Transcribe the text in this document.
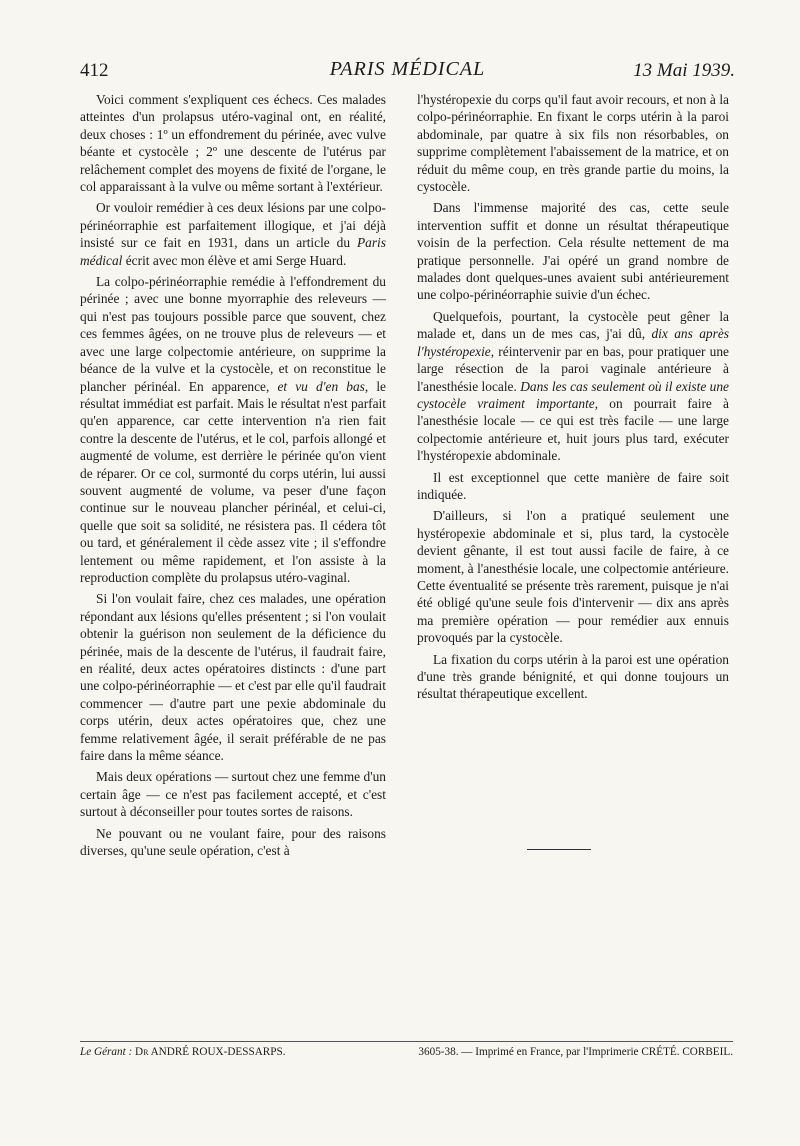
412	PARIS MÉDICAL	13 Mai 1939.

Voici comment s'expliquent ces échecs. Ces malades atteintes d'un prolapsus utéro-vaginal ont, en réalité, deux choses : 1º un effondrement du périnée, avec vulve béante et cystocèle ; 2º une descente de l'utérus par relâchement complet des moyens de fixité de l'organe, le col apparaissant à la vulve ou même sortant à l'extérieur.

Or vouloir remédier à ces deux lésions par une colpo-périnéorraphie est parfaitement illogique, et j'ai déjà insisté sur ce fait en 1931, dans un article du Paris médical écrit avec mon élève et ami Serge Huard.

La colpo-périnéorraphie remédie à l'effondrement du périnée ; avec une bonne myorraphie des releveurs — qui n'est pas toujours possible parce que souvent, chez ces femmes âgées, on ne trouve plus de releveurs — et avec une large colpectomie antérieure, on supprime la béance de la vulve et la cystocèle, et on reconstitue le plancher périnéal. En apparence, et vu d'en bas, le résultat immédiat est parfait. Mais le résultat n'est parfait qu'en apparence, car cette intervention n'a rien fait contre la descente de l'utérus, et le col, parfois allongé et augmenté de volume, est derrière le périnée qu'on vient de réparer. Or ce col, surmonté du corps utérin, lui aussi souvent augmenté de volume, va peser d'une façon continue sur le nouveau plancher périnéal, et celui-ci, quelle que soit sa solidité, ne résistera pas. Il cédera tôt ou tard, et généralement il cède assez vite ; il s'effondre lentement ou même rapidement, et l'on assiste à la reproduction complète du prolapsus utéro-vaginal.

Si l'on voulait faire, chez ces malades, une opération répondant aux lésions qu'elles présentent ; si l'on voulait obtenir la guérison non seulement de la déficience du périnée, mais de la descente de l'utérus, il faudrait faire, en réalité, deux actes opératoires distincts : d'une part une colpo-périnéorraphie — et c'est par elle qu'il faudrait commencer — d'autre part une pexie abdominale du corps utérin, deux actes opératoires que, chez une femme relativement âgée, il serait préférable de ne pas faire dans la même séance.

Mais deux opérations — surtout chez une femme d'un certain âge — ce n'est pas facilement accepté, et c'est surtout à déconseiller pour toutes sortes de raisons.

Ne pouvant ou ne voulant faire, pour des raisons diverses, qu'une seule opération, c'est à

l'hystéropexie du corps qu'il faut avoir recours, et non à la colpo-périnéorraphie. En fixant le corps utérin à la paroi abdominale, par quatre à six fils non résorbables, on supprime complètement l'abaissement de la matrice, et on réduit du même coup, en très grande partie du moins, la cystocèle.

Dans l'immense majorité des cas, cette seule intervention suffit et donne un résultat thérapeutique voisin de la perfection. Cela résulte nettement de ma pratique personnelle. J'ai opéré un grand nombre de malades dont quelques-unes avaient subi antérieurement une colpo-périnéorraphie suivie d'un échec.

Quelquefois, pourtant, la cystocèle peut gêner la malade et, dans un de mes cas, j'ai dû, dix ans après l'hystéropexie, réintervenir par en bas, pour pratiquer une large résection de la paroi vaginale antérieure à l'anesthésie locale. Dans les cas seulement où il existe une cystocèle vraiment importante, on pourrait faire à l'anesthésie locale — ce qui est très facile — une large colpectomie antérieure et, huit jours plus tard, exécuter l'hystéropexie abdominale.

Il est exceptionnel que cette manière de faire soit indiquée.

D'ailleurs, si l'on a pratiqué seulement une hystéropexie abdominale et si, plus tard, la cystocèle devient gênante, il est tout aussi facile de faire, à ce moment, à l'anesthésie locale, une colpectomie antérieure. Cette éventualité se présente très rarement, puisque je n'ai été obligé qu'une seule fois d'intervenir — dix ans après ma première opération — pour remédier aux ennuis provoqués par la cystocèle.

La fixation du corps utérin à la paroi est une opération d'une très grande bénignité, et qui donne toujours un résultat thérapeutique excellent.

Le Gérant : Dr ANDRÉ ROUX-DESSARPS.	3605-38. — Imprimé en France, par l'Imprimerie CRÉTÉ. CORBEIL.
